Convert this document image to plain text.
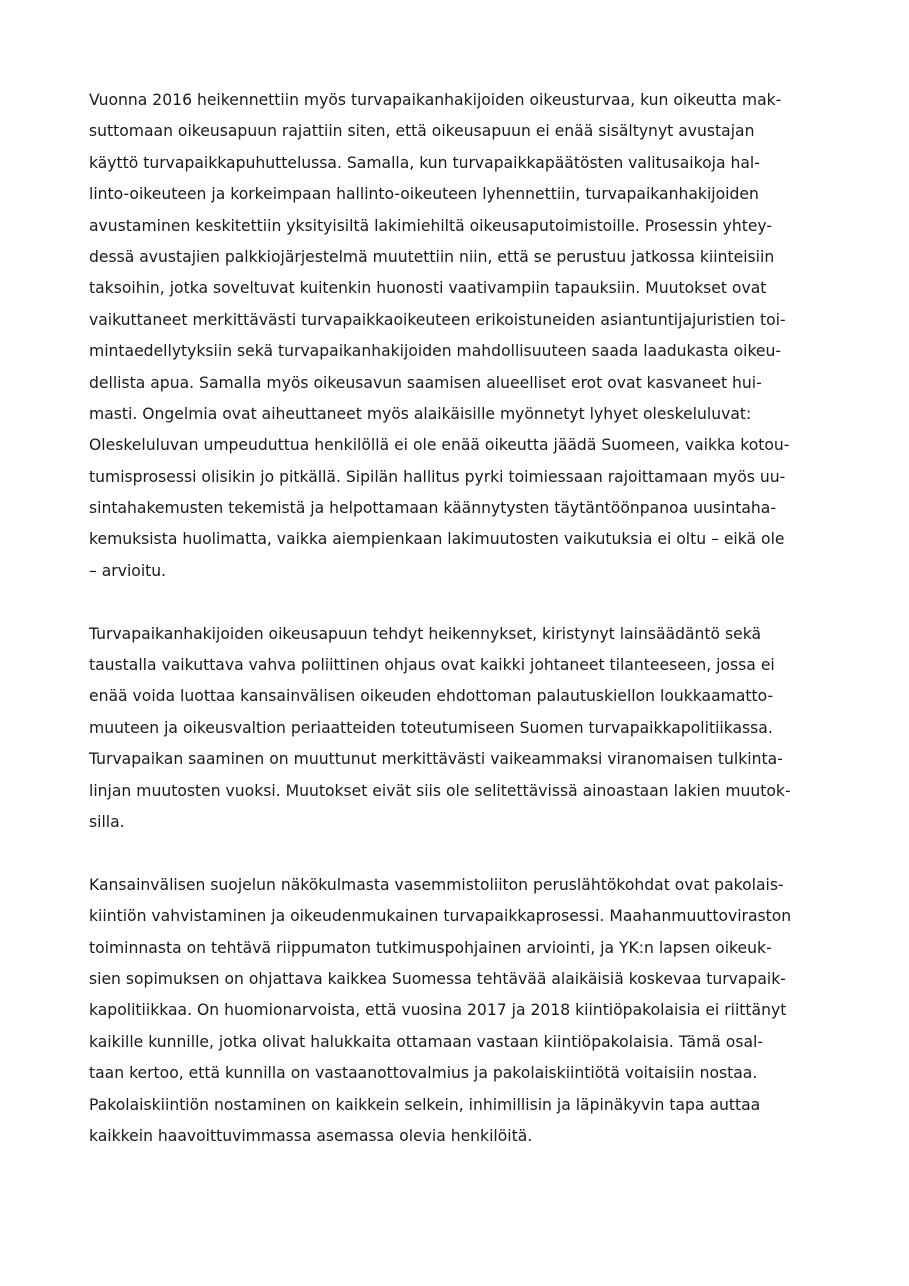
Vuonna 2016 heikennettiin myös turvapaikanhakijoiden oikeusturvaa, kun oikeutta mak-
suttomaan oikeusapuun rajattiin siten, että oikeusapuun ei enää sisältynyt avustajan
käyttö turvapaikkapuhuttelussa. Samalla, kun turvapaikkapäätösten valitusaikoja hal-
linto-oikeuteen ja korkeimpaan hallinto-oikeuteen lyhennettiin, turvapaikanhakijoiden
avustaminen keskitettiin yksityisiltä lakimiehiltä oikeusaputoimistoille. Prosessin yhtey-
dessä avustajien palkkiojärjestelmä muutettiin niin, että se perustuu jatkossa kiinteisiin
taksoihin, jotka soveltuvat kuitenkin huonosti vaativampiin tapauksiin. Muutokset ovat
vaikuttaneet merkittävästi turvapaikkaoikeuteen erikoistuneiden asiantuntijajuristien toi-
mintaedellytyksiin sekä turvapaikanhakijoiden mahdollisuuteen saada laadukasta oikeu-
dellista apua. Samalla myös oikeusavun saamisen alueelliset erot ovat kasvaneet hui-
masti. Ongelmia ovat aiheuttaneet myös alaikäisille myönnetyt lyhyet oleskeluluvat:
Oleskeluluvan umpeuduttua henkilöllä ei ole enää oikeutta jäädä Suomeen, vaikka kotou-
tumisprosessi olisikin jo pitkällä. Sipilän hallitus pyrki toimiessaan rajoittamaan myös uu-
sintahakemusten tekemistä ja helpottamaan käännytysten täytäntöönpanoa uusintaha-
kemuksista huolimatta, vaikka aiempienkaan lakimuutosten vaikutuksia ei oltu – eikä ole
– arvioitu.
Turvapaikanhakijoiden oikeusapuun tehdyt heikennykset, kiristynyt lainsäädäntö sekä
taustalla vaikuttava vahva poliittinen ohjaus ovat kaikki johtaneet tilanteeseen, jossa ei
enää voida luottaa kansainvälisen oikeuden ehdottoman palautuskiellon loukkaamatto-
muuteen ja oikeusvaltion periaatteiden toteutumiseen Suomen turvapaikkapolitiikassa.
Turvapaikan saaminen on muuttunut merkittävästi vaikeammaksi viranomaisen tulkinta-
linjan muutosten vuoksi. Muutokset eivät siis ole selitettävissä ainoastaan lakien muutok-
silla.
Kansainvälisen suojelun näkökulmasta vasemmistoliiton peruslähtökohdat ovat pakolais-
kiintiön vahvistaminen ja oikeudenmukainen turvapaikkaprosessi. Maahanmuuttoviraston
toiminnasta on tehtävä riippumaton tutkimuspohjainen arviointi, ja YK:n lapsen oikeuk-
sien sopimuksen on ohjattava kaikkea Suomessa tehtävää alaikäisiä koskevaa turvapaik-
kapolitiikkaa. On huomionarvoista, että vuosina 2017 ja 2018 kiintiöpakolaisia ei riittänyt
kaikille kunnille, jotka olivat halukkaita ottamaan vastaan kiintiöpakolaisia. Tämä osal-
taan kertoo, että kunnilla on vastaanottovalmius ja pakolaiskiintiötä voitaisiin nostaa.
Pakolaiskiintiön nostaminen on kaikkein selkein, inhimillisin ja läpinäkyvin tapa auttaa
kaikkein haavoittuvimmassa asemassa olevia henkilöitä.
